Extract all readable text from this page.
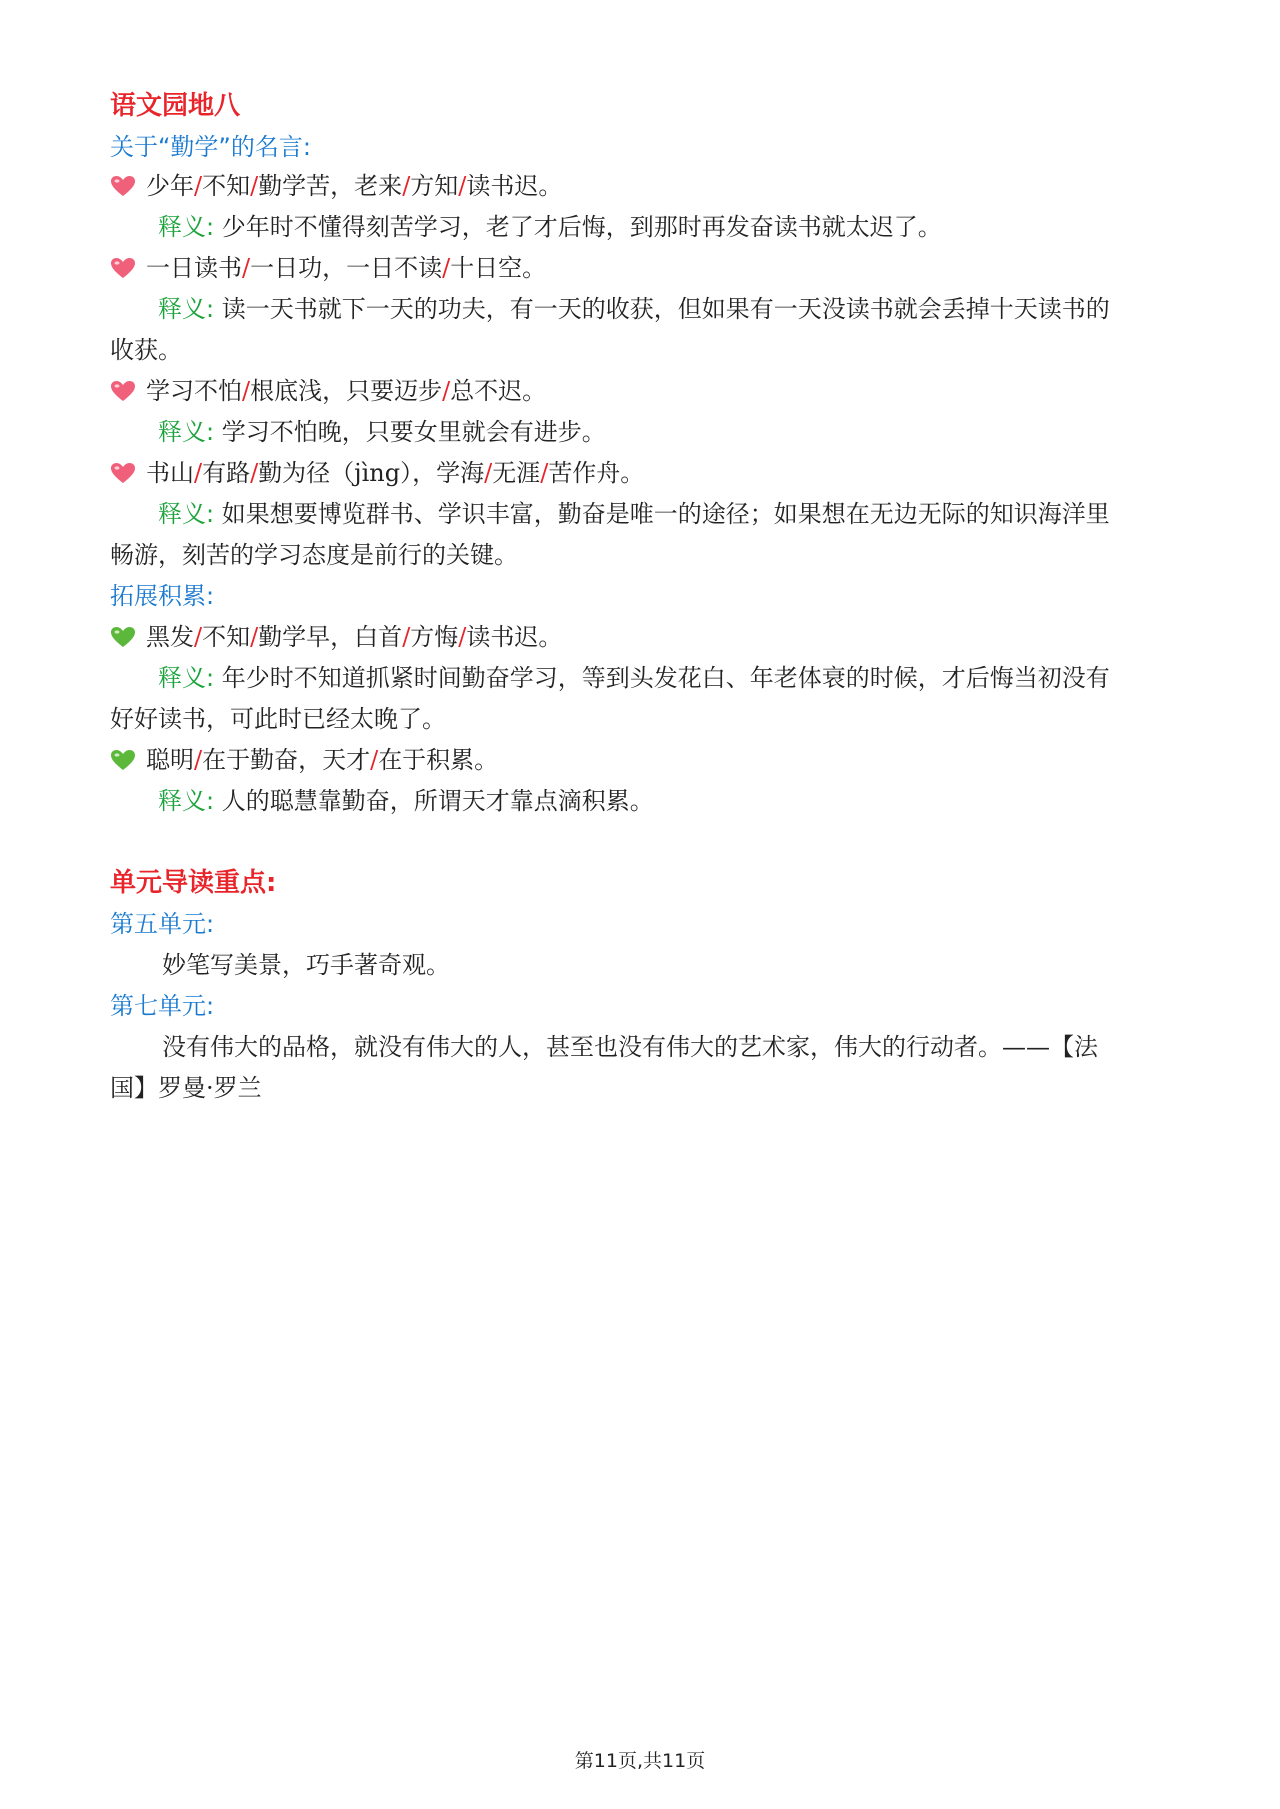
语文园地八
关于“勤学”的名言:
少年/不知/勤学苦，老来/方知/读书迟。
释义: 少年时不懂得刻苦学习，老了才后悔，到那时再发奋读书就太迟了。
一日读书/一日功，一日不读/十日空。
释义: 读一天书就下一天的功夫，有一天的收获，但如果有一天没读书就会丢掉十天读书的
收获。
学习不怕/根底浅，只要迈步/总不迟。
释义: 学习不怕晚，只要女里就会有进步。
书山/有路/勤为径（jìng），学海/无涯/苦作舟。
释义: 如果想要博览群书、学识丰富，勤奋是唯一的途径；如果想在无边无际的知识海洋里
畅游，刻苦的学习态度是前行的关键。
拓展积累:
黑发/不知/勤学早，白首/方悔/读书迟。
释义: 年少时不知道抓紧时间勤奋学习，等到头发花白、年老体衰的时候，才后悔当初没有
好好读书，可此时已经太晚了。
聪明/在于勤奋，天才/在于积累。
释义: 人的聪慧靠勤奋，所谓天才靠点滴积累。
单元导读重点:
第五单元:
妙笔写美景，巧手著奇观。
第七单元:
没有伟大的品格，就没有伟大的人，甚至也没有伟大的艺术家，伟大的行动者。——【法
国】罗曼·罗兰
第11页,共11页
